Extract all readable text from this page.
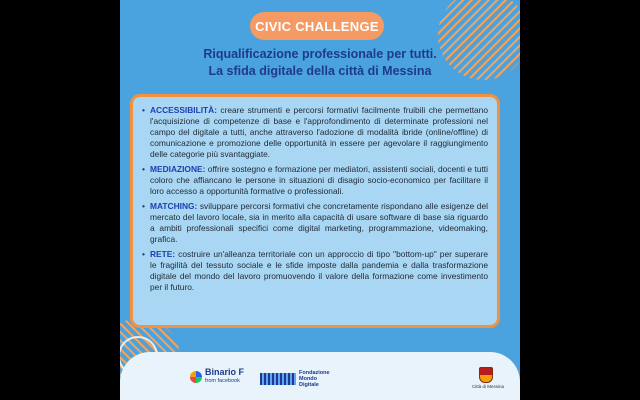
CIVIC CHALLENGE
Riqualificazione professionale per tutti.
La sfida digitale della città di Messina
• ACCESSIBILITÀ: creare strumenti e percorsi formativi facilmente fruibili che permettano l'acquisizione di competenze di base e l'approfondimento di determinate professioni nel campo del digitale a tutti, anche attraverso l'adozione di modalità ibride (online/offline) di comunicazione e promozione delle opportunità in essere per agevolare il raggiungimento delle categorie più svantaggiate.
• MEDIAZIONE: offrire sostegno e formazione per mediatori, assistenti sociali, docenti e tutti coloro che affiancano le persone in situazioni di disagio socio-economico per facilitare il loro accesso a opportunità formative o professionali.
• MATCHING: sviluppare percorsi formativi che concretamente rispondano alle esigenze del mercato del lavoro locale, sia in merito alla capacità di usare software di base sia riguardo a ambiti professionali specifici come digital marketing, programmazione, videomaking, grafica.
• RETE: costruire un'alleanza territoriale con un approccio di tipo "bottom-up" per superare le fragilità del tessuto sociale e le sfide imposte dalla pandemia e dalla trasformazione digitale del mondo del lavoro promuovendo il valore della formazione come investimento per il futuro.
Binario F
from facebook
Fondazione
Mondo
Digitale	Città di Messina
